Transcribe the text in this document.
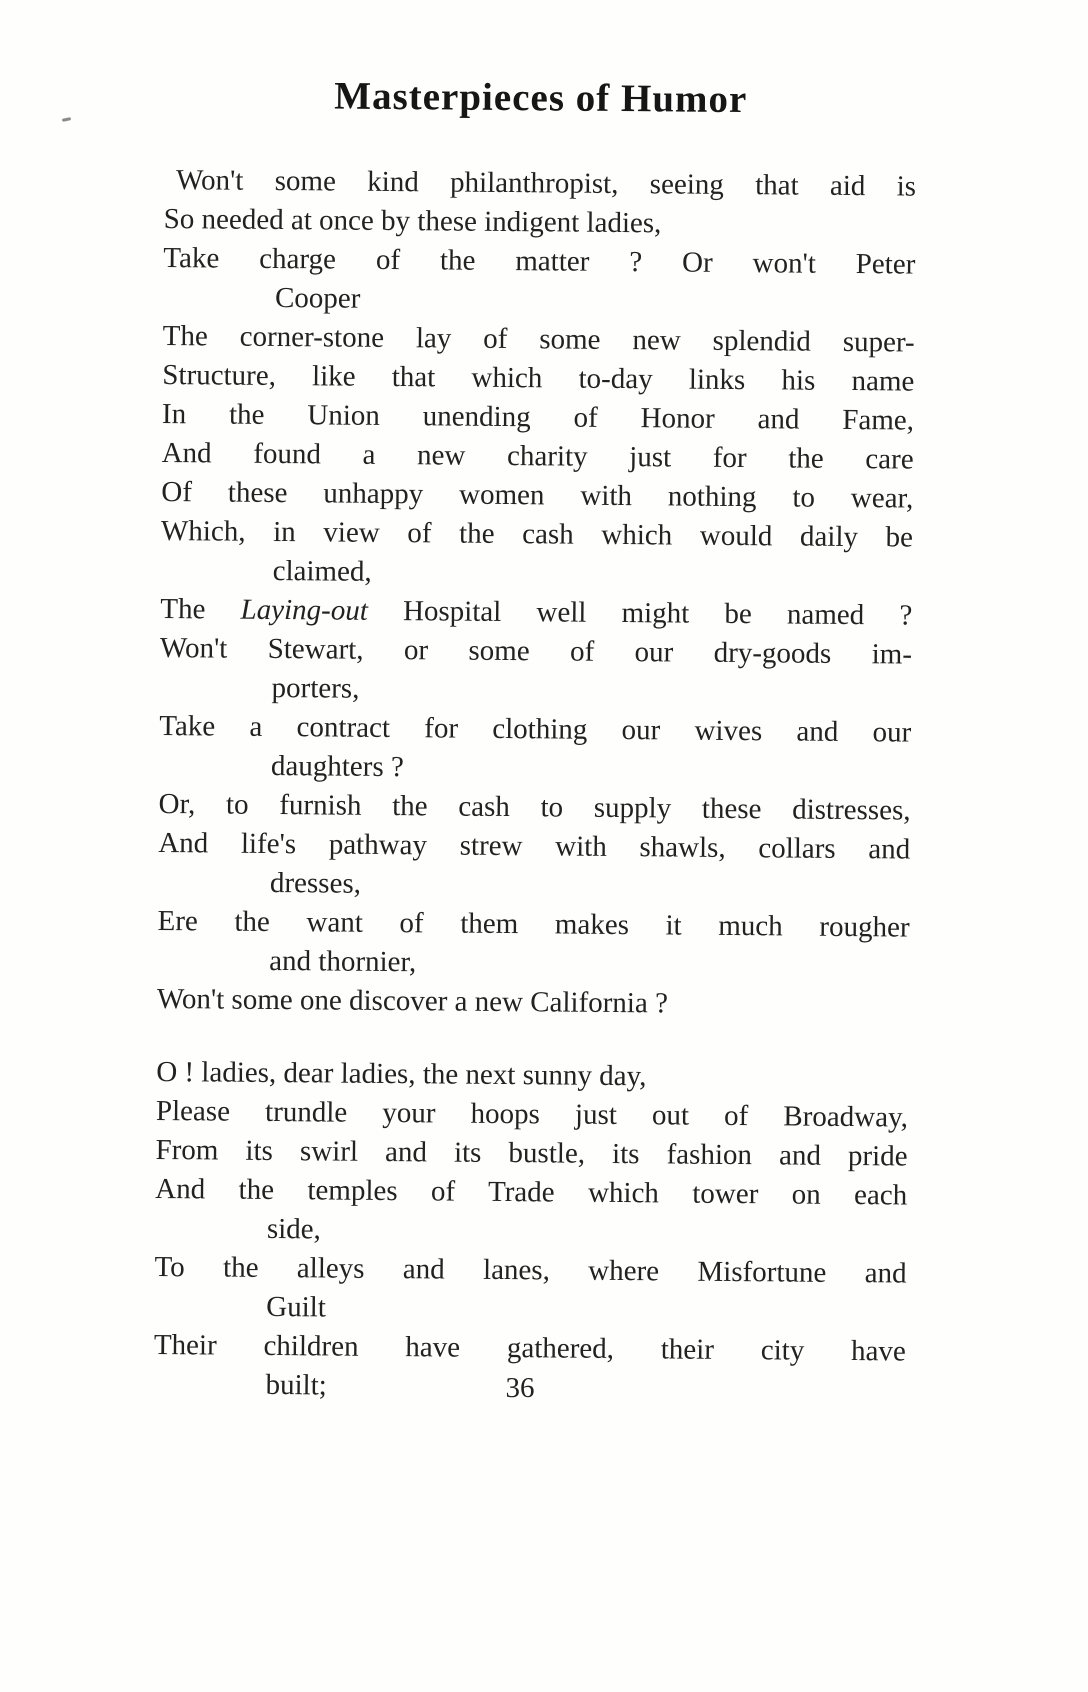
Masterpieces of Humor
Won't some kind philanthropist, seeing that aid is
So needed at once by these indigent ladies,
Take charge of the matter ? Or won't Peter
Cooper
The corner-stone lay of some new splendid super-
Structure, like that which to-day links his name
In the Union unending of Honor and Fame,
And found a new charity just for the care
Of these unhappy women with nothing to wear,
Which, in view of the cash which would daily be
claimed,
The Laying-out Hospital well might be named ?
Won't Stewart, or some of our dry-goods im-
porters,
Take a contract for clothing our wives and our
daughters ?
Or, to furnish the cash to supply these distresses,
And life's pathway strew with shawls, collars and
dresses,
Ere the want of them makes it much rougher
and thornier,
Won't some one discover a new California ?
O ! ladies, dear ladies, the next sunny day,
Please trundle your hoops just out of Broadway,
From its swirl and its bustle, its fashion and pride
And the temples of Trade which tower on each
side,
To the alleys and lanes, where Misfortune and
Guilt
Their children have gathered, their city have
built;	36
